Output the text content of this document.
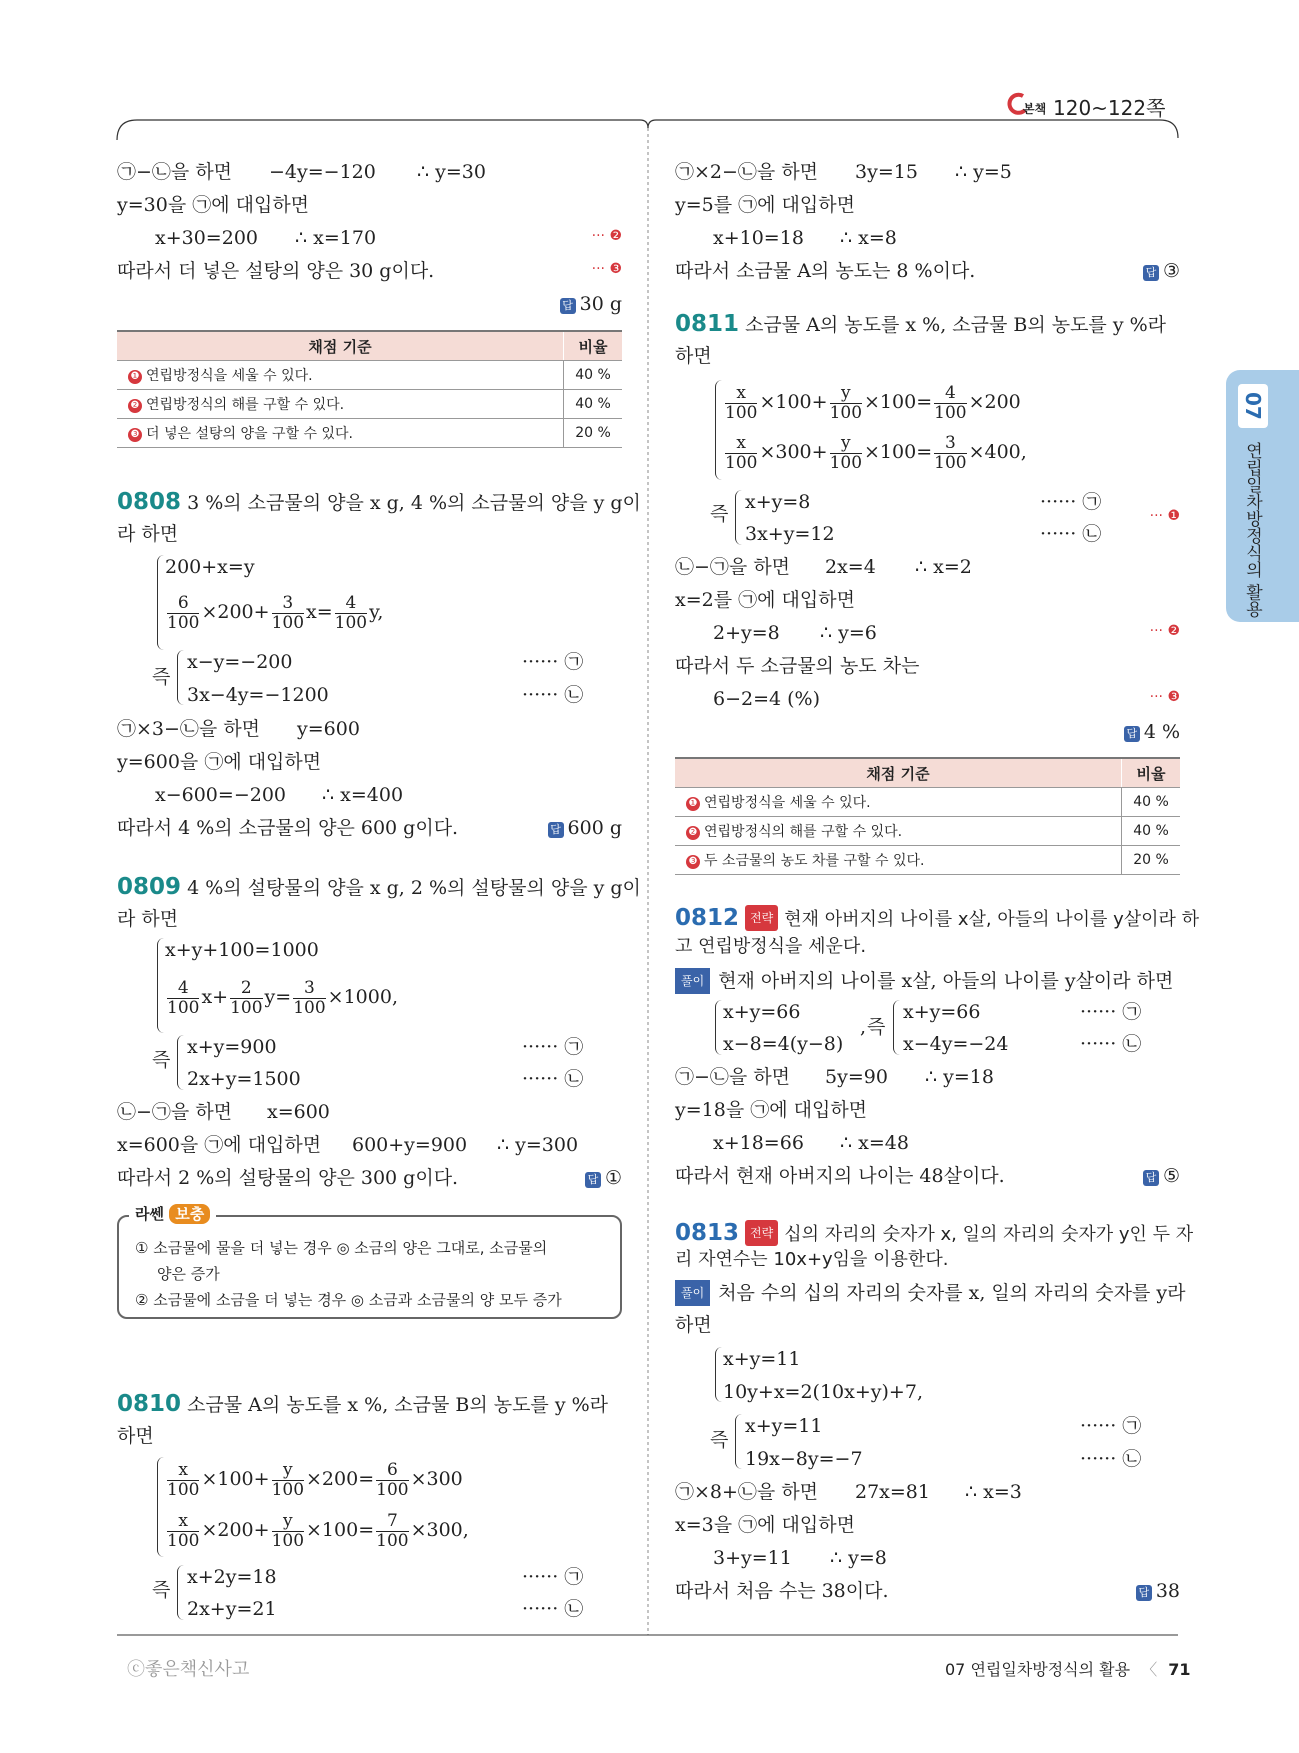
본책 120~122쪽
07
연립일차방정식의 활용
㉠−㉡을 하면 −4y=−120 ∴ y=30
y=30을 ㉠에 대입하면
x+30=200 ∴ x=170	··· ❷
따라서 더 넣은 설탕의 양은 30 g이다.	··· ❸
답 30 g
채점 기준	비율
❶ 연립방정식을 세울 수 있다.	40 %
❷ 연립방정식의 해를 구할 수 있다.	40 %
❸ 더 넣은 설탕의 양을 구할 수 있다.	20 %
0808 3 %의 소금물의 양을 x g, 4 %의 소금물의 양을 y g이
라 하면
200+x=y
$\frac{6}{100} \times 200+ \frac{3}{100} x= \frac{4}{100} y$,
즉
x−y=−200
3x−4y=−1200
······ ㉠
······ ㉡
㉠×3−㉡을 하면 y=600
y=600을 ㉠에 대입하면
x−600=−200 ∴ x=400
따라서 4 %의 소금물의 양은 600 g이다.	답 600 g
0809 4 %의 설탕물의 양을 x g, 2 %의 설탕물의 양을 y g이
라 하면
x+y+100=1000
$\frac{4}{100} x+ \frac{2}{100} y= \frac{3}{100} \times 1000$,
즉
x+y=900
2x+y=1500
······ ㉠
······ ㉡
㉡−㉠을 하면 x=600
x=600을 ㉠에 대입하면 600+y=900 ∴ y=300
따라서 2 %의 설탕물의 양은 300 g이다.	답 ①
라쎈 보충
① 소금물에 물을 더 넣는 경우 ◎ 소금의 양은 그대로, 소금물의
양은 증가
② 소금물에 소금을 더 넣는 경우 ◎ 소금과 소금물의 양 모두 증가
0810 소금물 A의 농도를 x %, 소금물 B의 농도를 y %라
하면
$\frac{x}{100} \times 100+ \frac{y}{100} \times 200= \frac{6}{100} \times 300$
$\frac{x}{100} \times 200+ \frac{y}{100} \times 100= \frac{7}{100} \times 300$,
즉
x+2y=18
2x+y=21
······ ㉠
······ ㉡
㉠×2−㉡을 하면 3y=15 ∴ y=5
y=5를 ㉠에 대입하면
x+10=18 ∴ x=8
따라서 소금물 A의 농도는 8 %이다.	답 ③
0811 소금물 A의 농도를 x %, 소금물 B의 농도를 y %라
하면
$\frac{x}{100} \times 100+ \frac{y}{100} \times 100= \frac{4}{100} \times 200$
$\frac{x}{100} \times 300+ \frac{y}{100} \times 100= \frac{3}{100} \times 400$,
즉
x+y=8
3x+y=12
······ ㉠
······ ㉡
··· ❶
㉡−㉠을 하면 2x=4 ∴ x=2
x=2를 ㉠에 대입하면
2+y=8 ∴ y=6	··· ❷
따라서 두 소금물의 농도 차는
6−2=4 (%)	··· ❸
답 4 %
채점 기준	비율
❶ 연립방정식을 세울 수 있다.	40 %
❷ 연립방정식의 해를 구할 수 있다.	40 %
❸ 두 소금물의 농도 차를 구할 수 있다.	20 %
0812 전략 현재 아버지의 나이를 x살, 아들의 나이를 y살이라 하
고 연립방정식을 세운다.
풀이 현재 아버지의 나이를 x살, 아들의 나이를 y살이라 하면
x+y=66
x−8=4(y−8)
, 즉
x+y=66
x−4y=−24
······ ㉠
······ ㉡
㉠−㉡을 하면 5y=90 ∴ y=18
y=18을 ㉠에 대입하면
x+18=66 ∴ x=48
따라서 현재 아버지의 나이는 48살이다.	답 ⑤
0813 전략 십의 자리의 숫자가 x, 일의 자리의 숫자가 y인 두 자
리 자연수는 10x+y임을 이용한다.
풀이 처음 수의 십의 자리의 숫자를 x, 일의 자리의 숫자를 y라
하면
x+y=11
10y+x=2(10x+y)+7,
즉
x+y=11
19x−8y=−7
······ ㉠
······ ㉡
㉠×8+㉡을 하면 27x=81 ∴ x=3
x=3을 ㉠에 대입하면
3+y=11 ∴ y=8
따라서 처음 수는 38이다.	답 38
ⓒ좋은책신사고	07 연립일차방정식의 활용 〈 71
